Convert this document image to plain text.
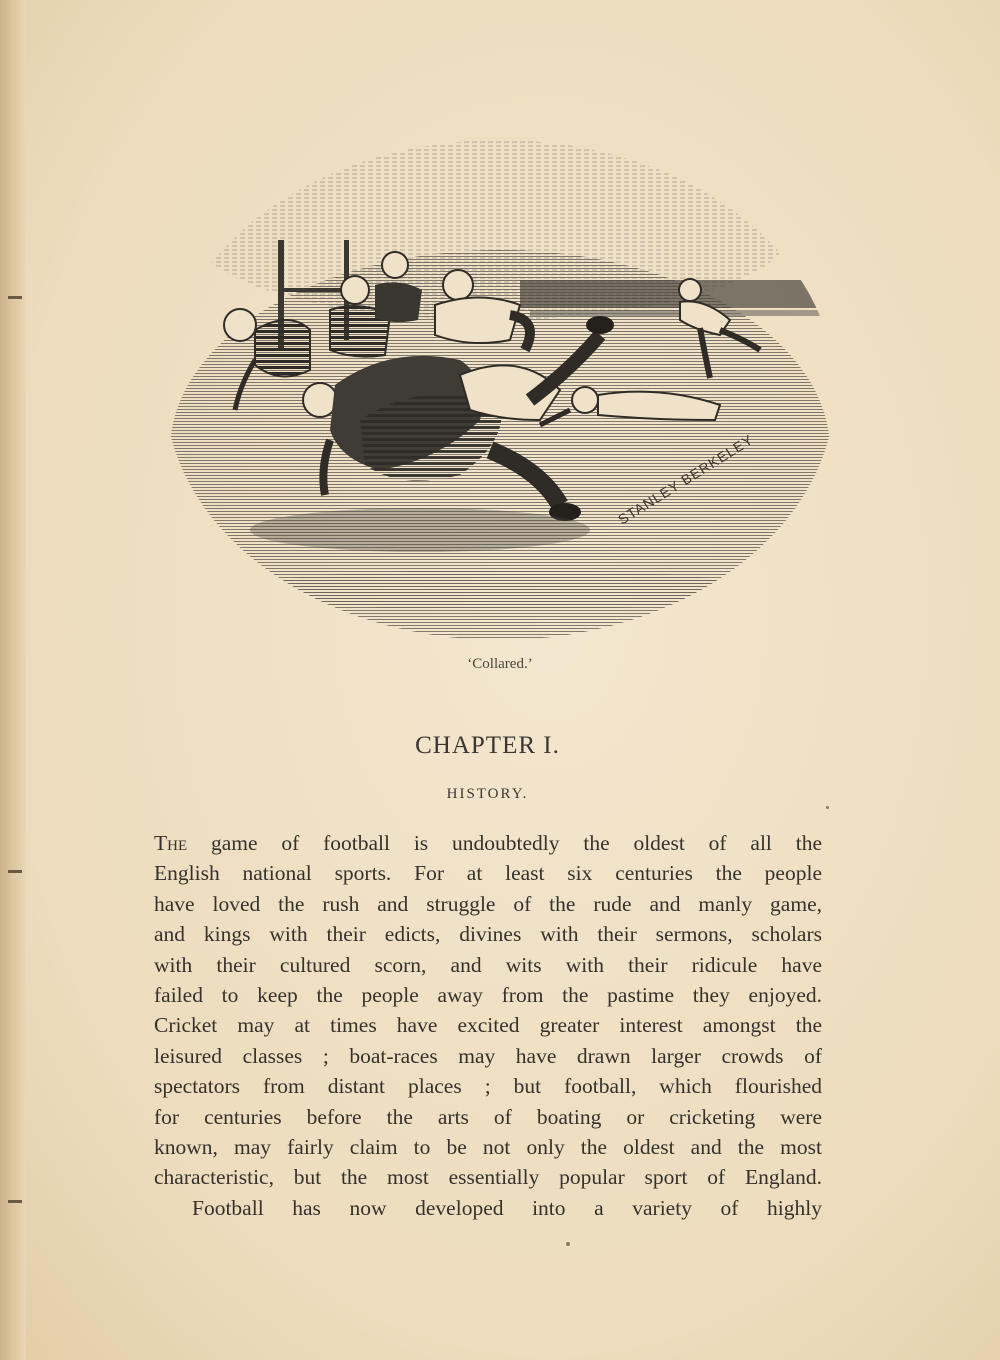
STANLEY BERKELEY
‘Collared.’
CHAPTER I.
HISTORY.
The game of football is undoubtedly the oldest of all the
English national sports. For at least six centuries the people
have loved the rush and struggle of the rude and manly game,
and kings with their edicts, divines with their sermons, scholars
with their cultured scorn, and wits with their ridicule have
failed to keep the people away from the pastime they enjoyed.
Cricket may at times have excited greater interest amongst the
leisured classes ; boat-races may have drawn larger crowds of
spectators from distant places ; but football, which flourished
for centuries before the arts of boating or cricketing were
known, may fairly claim to be not only the oldest and the most
characteristic, but the most essentially popular sport of England.
Football has now developed into a variety of highly
